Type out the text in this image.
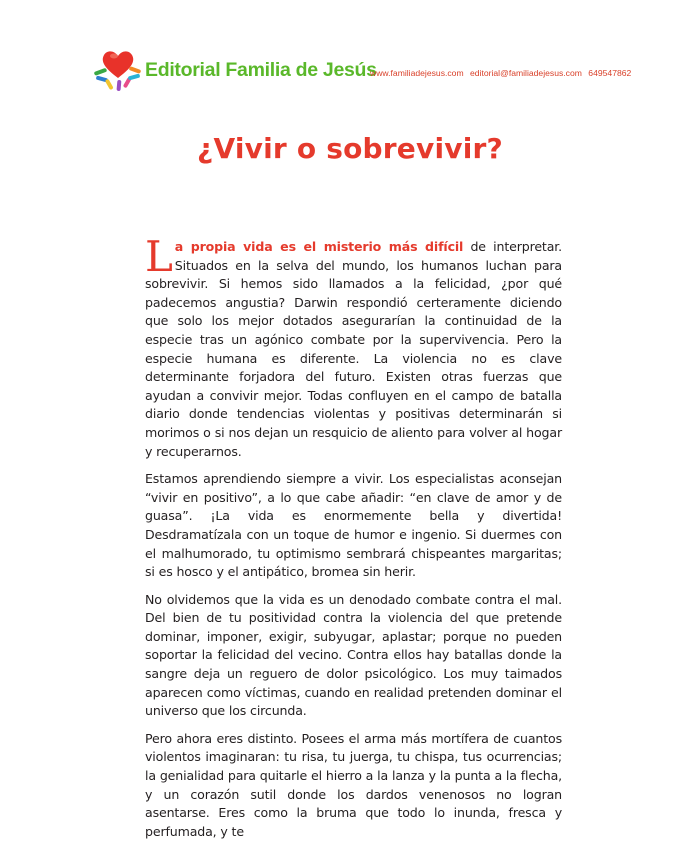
Editorial Familia de Jesús
www.familiadejesus.com editorial@familiadejesus.com 649547862
¿Vivir o sobrevivir?

La propia vida es el misterio más difícil de interpretar. Situados en la selva del mundo, los humanos luchan para sobrevivir. Si hemos sido llamados a la felicidad, ¿por qué padecemos angustia? Darwin respondió certeramente diciendo que solo los mejor dotados asegurarían la continuidad de la especie tras un agónico combate por la supervivencia. Pero la especie humana es diferente. La violencia no es clave determinante forjadora del futuro. Existen otras fuerzas que ayudan a convivir mejor. Todas confluyen en el campo de batalla diario donde tendencias violentas y positivas determinarán si morimos o si nos dejan un resquicio de aliento para volver al hogar y recuperarnos.

Estamos aprendiendo siempre a vivir. Los especialistas aconsejan “vivir en positivo”, a lo que cabe añadir: “en clave de amor y de guasa”. ¡La vida es enormemente bella y divertida! Desdramatízala con un toque de humor e ingenio. Si duermes con el malhumorado, tu optimismo sembrará chispeantes margaritas; si es hosco y el antipático, bromea sin herir.

No olvidemos que la vida es un denodado combate contra el mal. Del bien de tu positividad contra la violencia del que pretende dominar, imponer, exigir, subyugar, aplastar; porque no pueden soportar la felicidad del vecino. Contra ellos hay batallas donde la sangre deja un reguero de dolor psicológico. Los muy taimados aparecen como víctimas, cuando en realidad pretenden dominar el universo que los circunda.

Pero ahora eres distinto. Posees el arma más mortífera de cuantos violentos imaginaran: tu risa, tu juerga, tu chispa, tus ocurrencias; la genialidad para quitarle el hierro a la lanza y la punta a la flecha, y un corazón sutil donde los dardos venenosos no logran asentarse. Eres como la bruma que todo lo inunda, fresca y perfumada, y te
